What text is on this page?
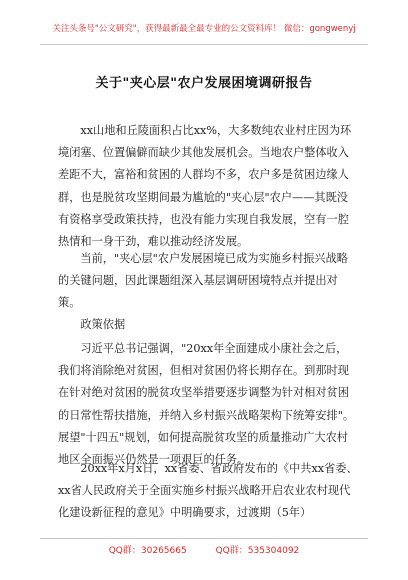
关注头条号"公文研究"，获得最新最全最专业的公文资料库！ 微信：gongwenyj
关于"夹心层"农户发展困境调研报告
xx山地和丘陵面积占比xx%，大多数纯农业村庄因为环境闭塞、位置偏僻而缺少其他发展机会。当地农户整体收入差距不大，富裕和贫困的人群均不多，农户多是贫困边缘人群，也是脱贫攻坚期间最为尴尬的"夹心层"农户——其既没有资格享受政策扶持，也没有能力实现自我发展，空有一腔热情和一身干劲，难以推动经济发展。
当前，"夹心层"农户发展困境已成为实施乡村振兴战略的关键问题，因此课题组深入基层调研困境特点并提出对策。
政策依据
习近平总书记强调，"20xx年全面建成小康社会之后，我们将消除绝对贫困，但相对贫困仍将长期存在。到那时现在针对绝对贫困的脱贫攻坚举措要逐步调整为针对相对贫困的日常性帮扶措施，并纳入乡村振兴战略架构下统筹安排"。展望"十四五"规划，如何提高脱贫攻坚的质量推动广大农村地区全面振兴仍然是一项艰巨的任务。
20xx年x月x日，xx省委、省政府发布的《中共xx省委、xx省人民政府关于全面实施乡村振兴战略开启农业农村现代化建设新征程的意见》中明确要求，过渡期（5年）
QQ群：30265665	QQ群：535304092
